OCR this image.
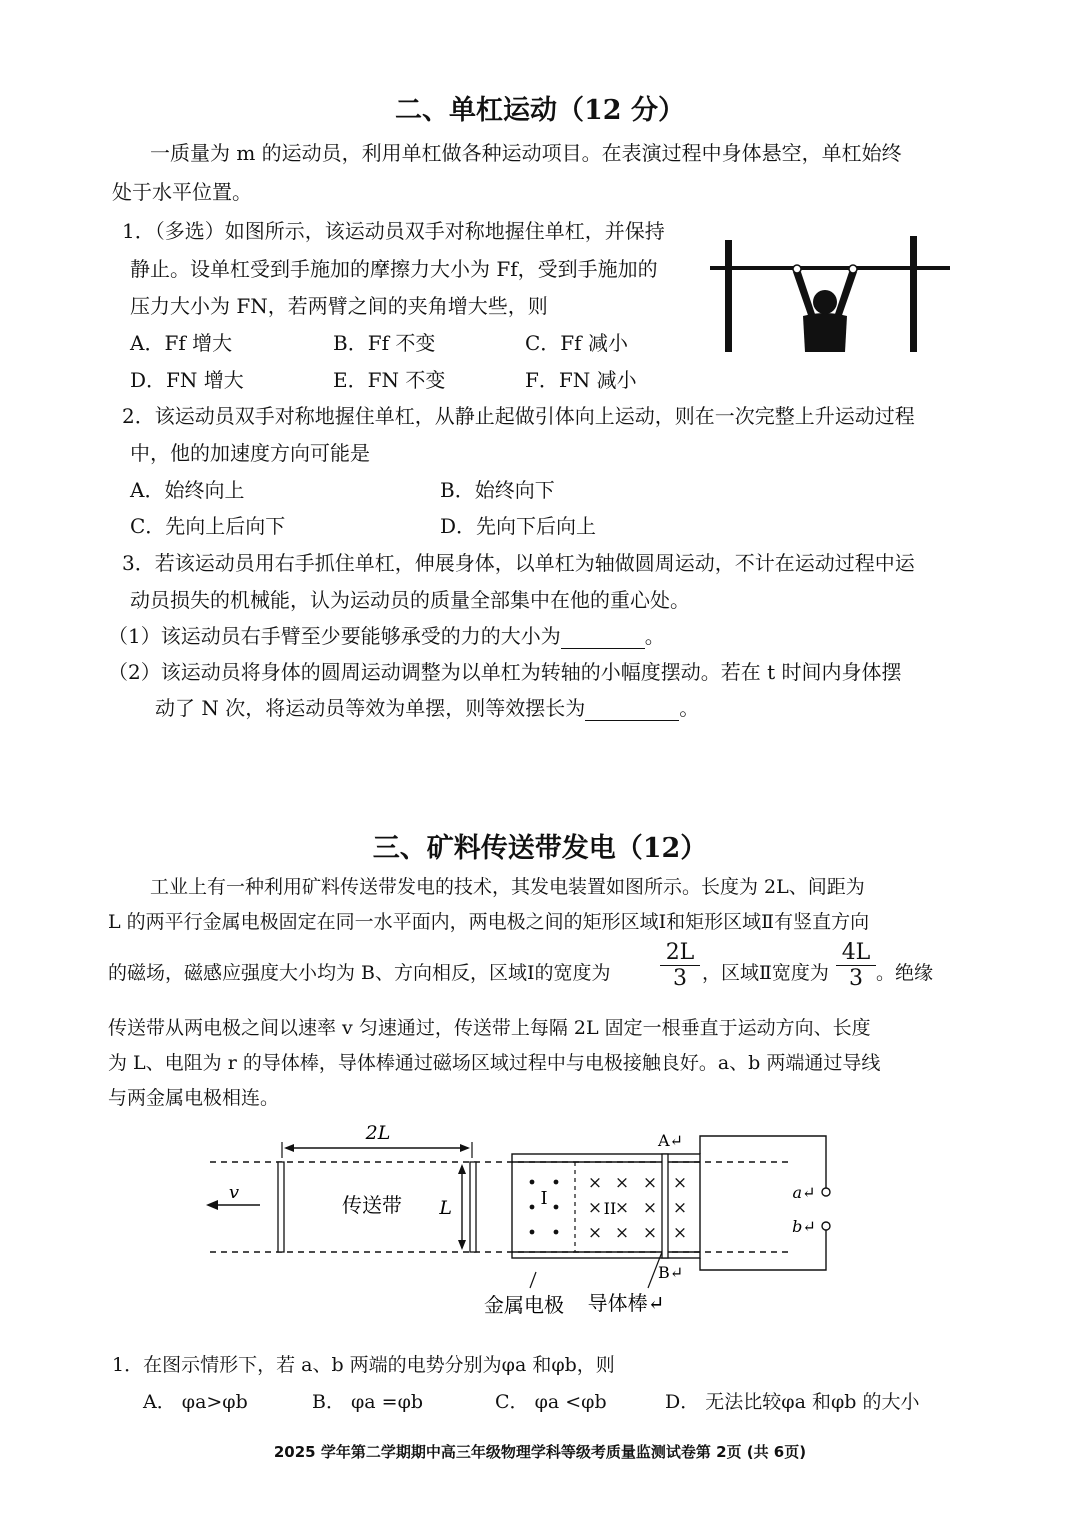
二、单杠运动（12 分）
一质量为 m 的运动员，利用单杠做各种运动项目。在表演过程中身体悬空，单杠始终
处于水平位置。
1．（多选）如图所示，该运动员双手对称地握住单杠，并保持
静止。设单杠受到手施加的摩擦力大小为 Ff，受到手施加的
压力大小为 FN，若两臂之间的夹角增大些，则
A．Ff 增大	B．Ff 不变	C．Ff 减小
D．FN 增大	E．FN 不变	F．FN 减小
2．该运动员双手对称地握住单杠，从静止起做引体向上运动，则在一次完整上升运动过程
中，他的加速度方向可能是
A．始终向上	B．始终向下
C．先向上后向下	D．先向下后向上
3．若该运动员用右手抓住单杠，伸展身体，以单杠为轴做圆周运动，不计在运动过程中运
动员损失的机械能，认为运动员的质量全部集中在他的重心处。
（1）该运动员右手臂至少要能够承受的力的大小为	。
（2）该运动员将身体的圆周运动调整为以单杠为转轴的小幅度摆动。若在 t 时间内身体摆
动了 N 次，将运动员等效为单摆，则等效摆长为	。
三、矿料传送带发电（12）
工业上有一种利用矿料传送带发电的技术，其发电装置如图所示。长度为 2L、间距为
L 的两平行金属电极固定在同一水平面内，两电极之间的矩形区域Ⅰ和矩形区域Ⅱ有竖直方向
的磁场，磁感应强度大小均为 B、方向相反，区域Ⅰ的宽度为 $\frac{2L}{3}$ ，区域Ⅱ宽度为 $\frac{4L}{3}$ 。绝缘
传送带从两电极之间以速率 v 匀速通过，传送带上每隔 2L 固定一根垂直于运动方向、长度
为 L、电阻为 r 的导体棒，导体棒通过磁场区域过程中与电极接触良好。a、b 两端通过导线
与两金属电极相连。
2L
L
v
传送带	I
× × × ×
× × × ×
× × × ×
II
A↵
B↵
a↵
b↵
金属电极 导体棒↵
1．在图示情形下，若 a、b 两端的电势分别为φa 和φb，则
A． φa>φb	B． φa =φb	C． φa <φb	D． 无法比较φa 和φb 的大小
2025 学年第二学期期中高三年级物理学科等级考质量监测试卷第 2页 (共 6页)
